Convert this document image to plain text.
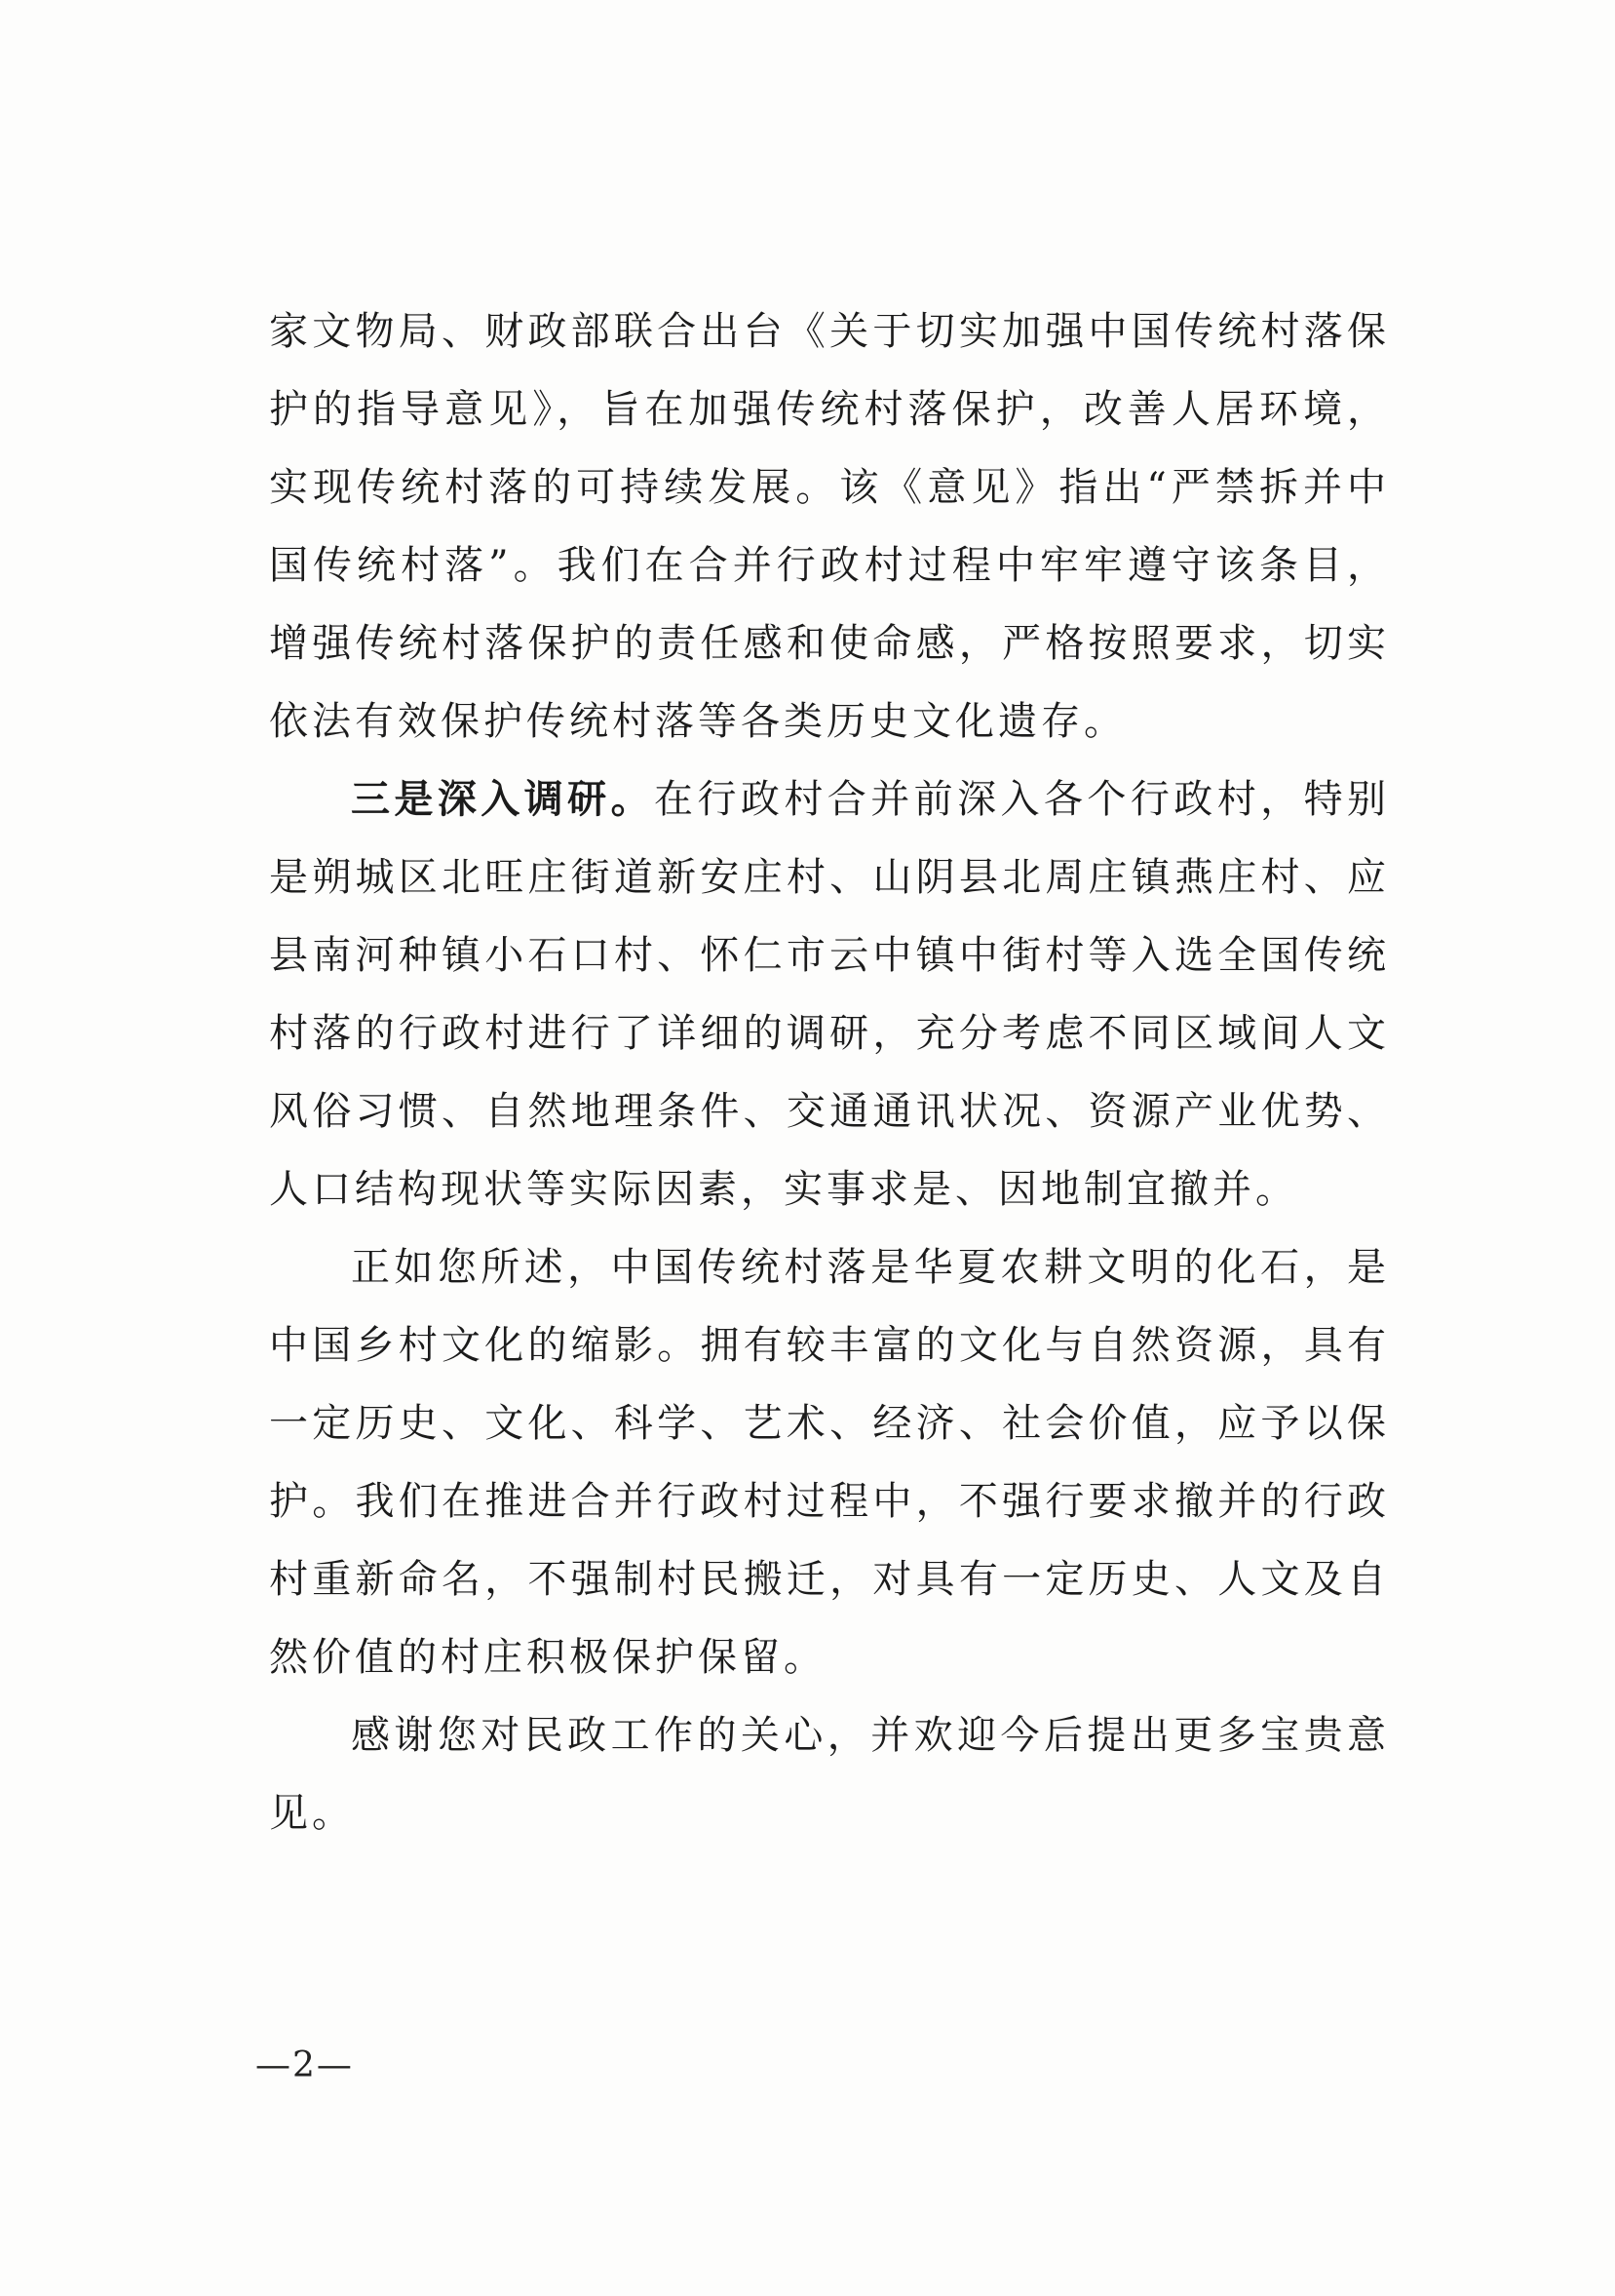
家文物局、财政部联合出台《关于切实加强中国传统村落保护的指导意见》，旨在加强传统村落保护，改善人居环境，实现传统村落的可持续发展。该《意见》指出“严禁拆并中国传统村落”。我们在合并行政村过程中牢牢遵守该条目，增强传统村落保护的责任感和使命感，严格按照要求，切实依法有效保护传统村落等各类历史文化遗存。

三是深入调研。在行政村合并前深入各个行政村，特别是朔城区北旺庄街道新安庄村、山阴县北周庄镇燕庄村、应县南河种镇小石口村、怀仁市云中镇中街村等入选全国传统村落的行政村进行了详细的调研，充分考虑不同区域间人文风俗习惯、自然地理条件、交通通讯状况、资源产业优势、人口结构现状等实际因素，实事求是、因地制宜撤并。

正如您所述，中国传统村落是华夏农耕文明的化石，是中国乡村文化的缩影。拥有较丰富的文化与自然资源，具有一定历史、文化、科学、艺术、经济、社会价值，应予以保护。我们在推进合并行政村过程中，不强行要求撤并的行政村重新命名，不强制村民搬迁，对具有一定历史、人文及自然价值的村庄积极保护保留。

感谢您对民政工作的关心，并欢迎今后提出更多宝贵意见。

—2—
